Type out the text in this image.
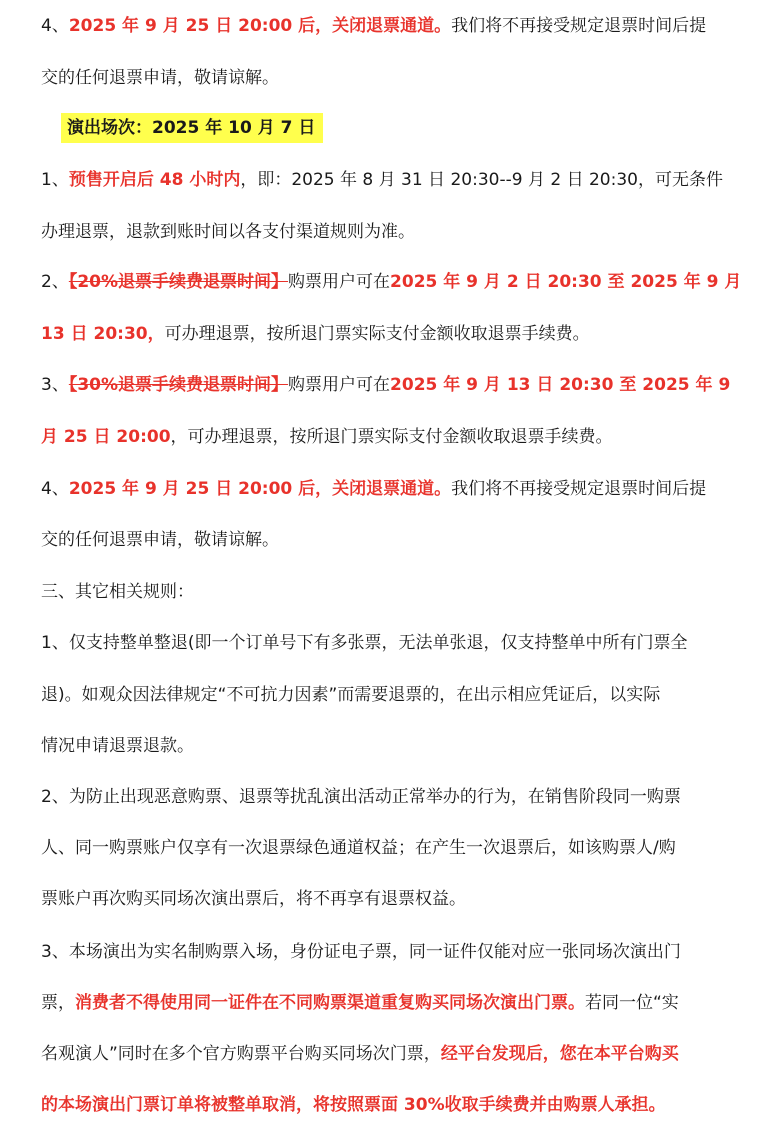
4、2025 年 9 月 25 日 20:00 后，关闭退票通道。我们将不再接受规定退票时间后提
交的任何退票申请，敬请谅解。
演出场次：2025 年 10 月 7 日
1、预售开启后 48 小时内，即：2025 年 8 月 31 日 20:30--9 月 2 日 20:30，可无条件
办理退票，退款到账时间以各支付渠道规则为准。
2、【20%退票手续费退票时间】购票用户可在2025 年 9 月 2 日 20:30 至 2025 年 9 月
13 日 20:30，可办理退票，按所退门票实际支付金额收取退票手续费。
3、【30%退票手续费退票时间】购票用户可在2025 年 9 月 13 日 20:30 至 2025 年 9
月 25 日 20:00，可办理退票，按所退门票实际支付金额收取退票手续费。
4、2025 年 9 月 25 日 20:00 后，关闭退票通道。我们将不再接受规定退票时间后提
交的任何退票申请，敬请谅解。
三、其它相关规则：
1、仅支持整单整退(即一个订单号下有多张票，无法单张退，仅支持整单中所有门票全
退)。如观众因法律规定“不可抗力因素”而需要退票的，在出示相应凭证后，以实际
情况申请退票退款。
2、为防止出现恶意购票、退票等扰乱演出活动正常举办的行为，在销售阶段同一购票
人、同一购票账户仅享有一次退票绿色通道权益；在产生一次退票后，如该购票人/购
票账户再次购买同场次演出票后，将不再享有退票权益。
3、本场演出为实名制购票入场，身份证电子票，同一证件仅能对应一张同场次演出门
票，消费者不得使用同一证件在不同购票渠道重复购买同场次演出门票。若同一位“实
名观演人”同时在多个官方购票平台购买同场次门票，经平台发现后，您在本平台购买
的本场演出门票订单将被整单取消，将按照票面 30%收取手续费并由购票人承担。
